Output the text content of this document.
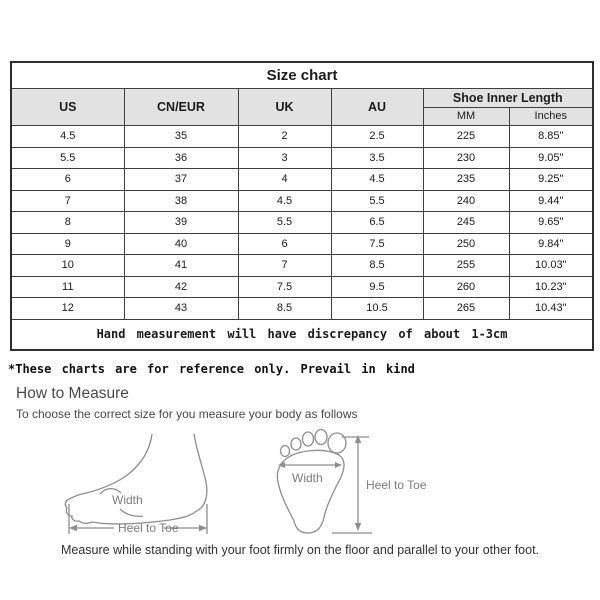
Size chart					
US	CN/EUR	UK	AU	Shoe Inner Length	
				MM	Inches
4.5	35	2	2.5	225	8.85"
5.5	36	3	3.5	230	9.05"
6	37	4	4.5	235	9.25"
7	38	4.5	5.5	240	9.44"
8	39	5.5	6.5	245	9.65"
9	40	6	7.5	250	9.84"
10	41	7	8.5	255	10.03"
11	42	7.5	9.5	260	10.23"
12	43	8.5	10.5	265	10.43"
Hand measurement will have discrepancy of about 1-3cm					
*These charts are for reference only. Prevail in kind
How to Measure
To choose the correct size for you measure your body as follows
Width
Heel to Toe
Width	Heel to Toe
Measure while standing with your foot firmly on the floor and parallel to your other foot.
